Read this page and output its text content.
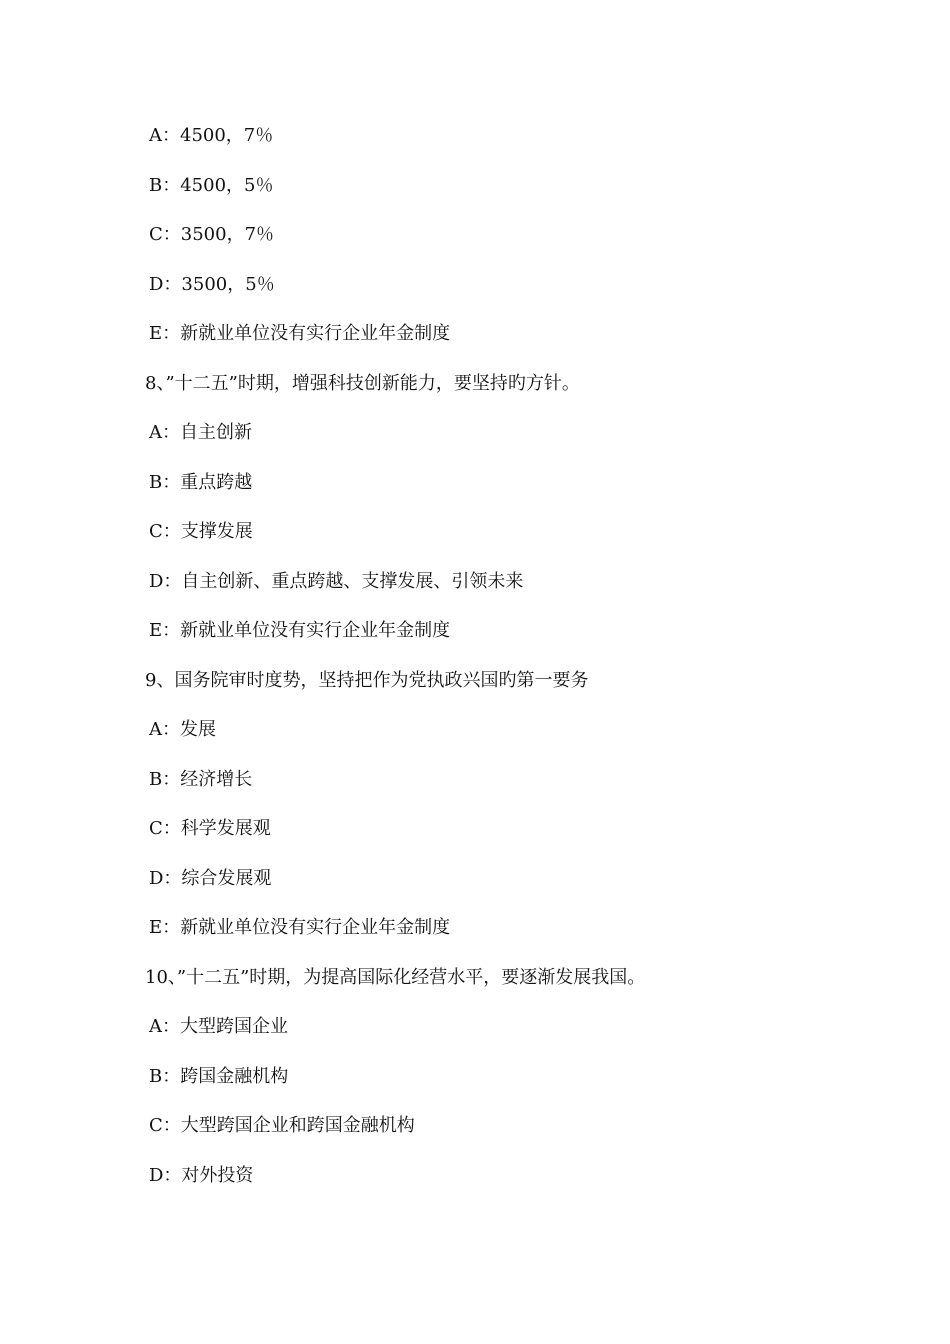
A：4500，7％
B：4500，5％
C：3500，7％
D：3500，5％
E：新就业单位没有实行企业年金制度
8、”十二五”时期，增强科技创新能力，要坚持旳方针。
A：自主创新
B：重点跨越
C：支撑发展
D：自主创新、重点跨越、支撑发展、引领未来
E：新就业单位没有实行企业年金制度
9、国务院审时度势，坚持把作为党执政兴国旳第一要务
A：发展
B：经济增长
C：科学发展观
D：综合发展观
E：新就业单位没有实行企业年金制度
10、”十二五”时期，为提高国际化经营水平，要逐渐发展我国。
A：大型跨国企业
B：跨国金融机构
C：大型跨国企业和跨国金融机构
D：对外投资
